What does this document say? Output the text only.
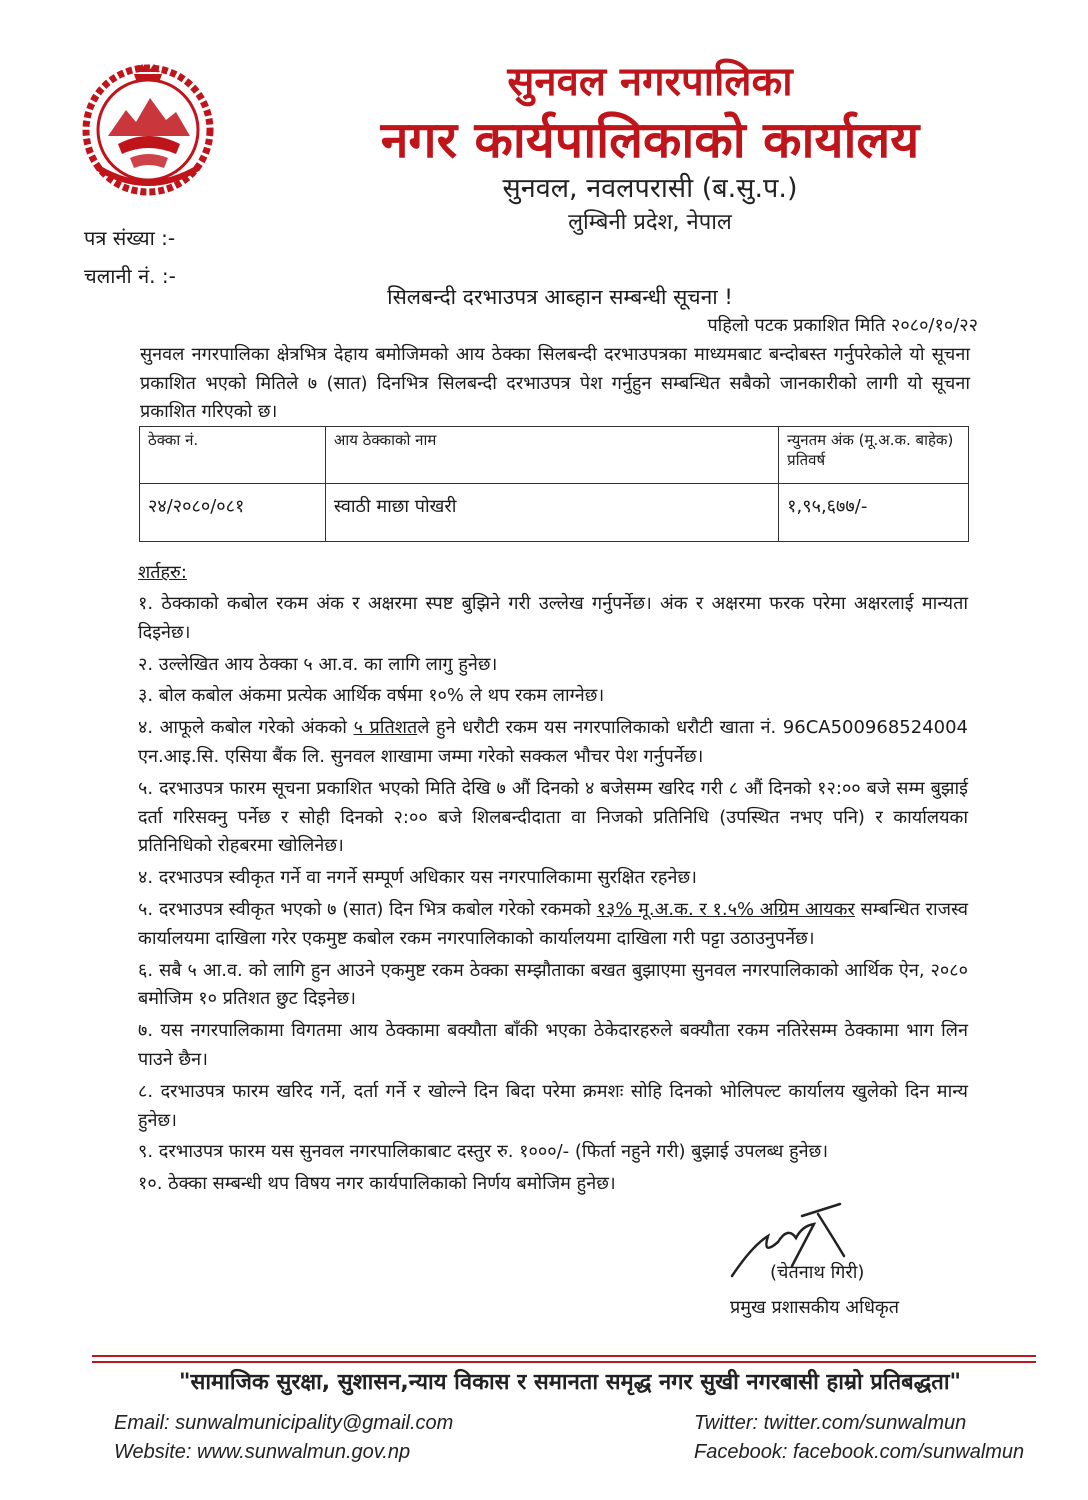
सुनवल नगरपालिका
नगर कार्यपालिकाको कार्यालय
सुनवल, नवलपरासी (ब.सु.प.)
लुम्बिनी प्रदेश, नेपाल
पत्र संख्या :-
चलानी नं. :-
सिलबन्दी दरभाउपत्र आब्हान सम्बन्धी सूचना !
पहिलो पटक प्रकाशित मिति २०८०/१०/२२
सुनवल नगरपालिका क्षेत्रभित्र देहाय बमोजिमको आय ठेक्का सिलबन्दी दरभाउपत्रका माध्यमबाट बन्दोबस्त गर्नुपरेकोले यो सूचना प्रकाशित भएको मितिले ७ (सात) दिनभित्र सिलबन्दी दरभाउपत्र पेश गर्नुहुन सम्बन्धित सबैको जानकारीको लागी यो सूचना प्रकाशित गरिएको छ।
ठेक्का नं.	आय ठेक्काको नाम	न्युनतम अंक (मू.अ.क. बाहेक) प्रतिवर्ष
२४/२०८०/०८१	स्वाठी माछा पोखरी	१,९५,६७७/-
शर्तहरु:

१. ठेक्काको कबोल रकम अंक र अक्षरमा स्पष्ट बुझिने गरी उल्लेख गर्नुपर्नेछ। अंक र अक्षरमा फरक परेमा अक्षरलाई मान्यता दिइनेछ।

२. उल्लेखित आय ठेक्का ५ आ.व. का लागि लागु हुनेछ।

३. बोल कबोल अंकमा प्रत्येक आर्थिक वर्षमा १०% ले थप रकम लाग्नेछ।

४. आफूले कबोल गरेको अंकको ५ प्रतिशतले हुने धरौटी रकम यस नगरपालिकाको धरौटी खाता नं. 96CA500968524004 एन.आइ.सि. एसिया बैंक लि. सुनवल शाखामा जम्मा गरेको सक्कल भौचर पेश गर्नुपर्नेछ।

५. दरभाउपत्र फारम सूचना प्रकाशित भएको मिति देखि ७ औं दिनको ४ बजेसम्म खरिद गरी ८ औं दिनको १२:०० बजे सम्म बुझाई दर्ता गरिसक्नु पर्नेछ र सोही दिनको २:०० बजे शिलबन्दीदाता वा निजको प्रतिनिधि (उपस्थित नभए पनि) र कार्यालयका प्रतिनिधिको रोहबरमा खोलिनेछ।

४. दरभाउपत्र स्वीकृत गर्ने वा नगर्ने सम्पूर्ण अधिकार यस नगरपालिकामा सुरक्षित रहनेछ।

५. दरभाउपत्र स्वीकृत भएको ७ (सात) दिन भित्र कबोल गरेको रकमको १३% मू.अ.क. र १.५% अग्रिम आयकर सम्बन्धित राजस्व कार्यालयमा दाखिला गरेर एकमुष्ट कबोल रकम नगरपालिकाको कार्यालयमा दाखिला गरी पट्टा उठाउनुपर्नेछ।

६. सबै ५ आ.व. को लागि हुन आउने एकमुष्ट रकम ठेक्का सम्झौताका बखत बुझाएमा सुनवल नगरपालिकाको आर्थिक ऐन, २०८० बमोजिम १० प्रतिशत छुट दिइनेछ।

७. यस नगरपालिकामा विगतमा आय ठेक्कामा बक्यौता बाँकी भएका ठेकेदारहरुले बक्यौता रकम नतिरेसम्म ठेक्कामा भाग लिन पाउने छैन।

८. दरभाउपत्र फारम खरिद गर्ने, दर्ता गर्ने र खोल्ने दिन बिदा परेमा क्रमशः सोहि दिनको भोलिपल्ट कार्यालय खुलेको दिन मान्य हुनेछ।

९. दरभाउपत्र फारम यस सुनवल नगरपालिकाबाट दस्तुर रु. १०००/- (फिर्ता नहुने गरी) बुझाई उपलब्ध हुनेछ।

१०. ठेक्का सम्बन्धी थप विषय नगर कार्यपालिकाको निर्णय बमोजिम हुनेछ।

(चेतनाथ गिरी)
प्रमुख प्रशासकीय अधिकृत
"सामाजिक सुरक्षा, सुशासन,न्याय विकास र समानता समृद्ध नगर सुखी नगरबासी हाम्रो प्रतिबद्धता"
Email: sunwalmunicipality@gmail.com
Website: www.sunwalmun.gov.np
Twitter: twitter.com/sunwalmun
Facebook: facebook.com/sunwalmun
